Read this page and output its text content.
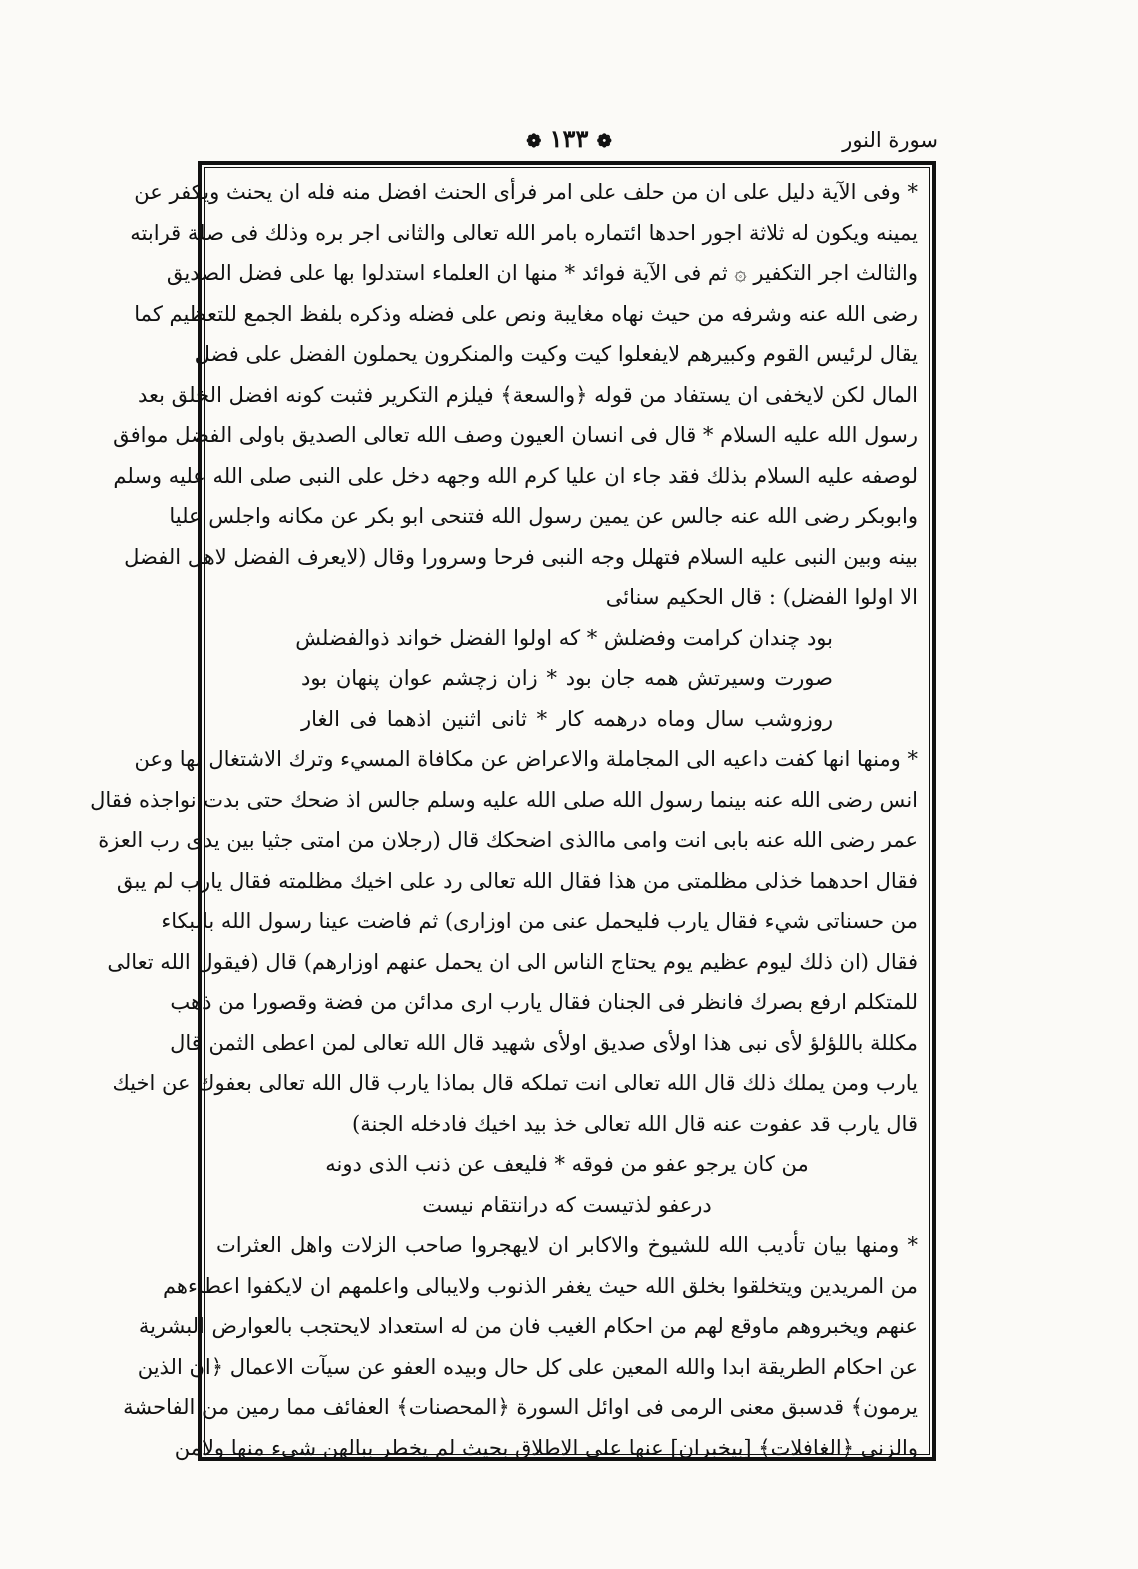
سورة النور
❁ ١٣٣ ❁
* وفى الآية دليل على ان من حلف على امر فرأى الحنث افضل منه فله ان يحنث ويكفر عن
يمينه ويكون له ثلاثة اجور احدها ائتماره بامر الله تعالى والثانى اجر بره وذلك فى صلة قرابته
والثالث اجر التكفير ۞ ثم فى الآية فوائد * منها ان العلماء استدلوا بها على فضل الصديق
رضى الله عنه وشرفه من حيث نهاه مغايبة ونص على فضله وذكره بلفظ الجمع للتعظيم كما
يقال لرئيس القوم وكبيرهم لايفعلوا كيت وكيت والمنكرون يحملون الفضل على فضل
المال لكن لايخفى ان يستفاد من قوله ﴿والسعة﴾ فيلزم التكرير فثبت كونه افضل الخلق بعد
رسول الله عليه السلام * قال فى انسان العيون وصف الله تعالى الصديق باولى الفضل موافق
لوصفه عليه السلام بذلك فقد جاء ان عليا كرم الله وجهه دخل على النبى صلى الله عليه وسلم
وابوبكر رضى الله عنه جالس عن يمين رسول الله فتنحى ابو بكر عن مكانه واجلس عليا
بينه وبين النبى عليه السلام فتهلل وجه النبى فرحا وسرورا وقال (لايعرف الفضل لاهل الفضل
الا اولوا الفضل) : قال الحكيم سنائى
بود چندان كرامت وفضلش * كه اولوا الفضل خواند ذوالفضلش
صورت وسيرتش همه جان بود * زان زچشم عوان پنهان بود
روزوشب سال وماه درهمه كار * ثانى اثنين اذهما فى الغار
* ومنها انها كفت داعيه الى المجاملة والاعراض عن مكافاة المسيء وترك الاشتغال بها وعن
انس رضى الله عنه بينما رسول الله صلى الله عليه وسلم جالس اذ ضحك حتى بدت نواجذه فقال
عمر رضى الله عنه بابى انت وامى ماالذى اضحكك قال (رجلان من امتى جثيا بين يدى رب العزة
فقال احدهما خذلى مظلمتى من هذا فقال الله تعالى رد على اخيك مظلمته فقال يارب لم يبق
من حسناتى شيء فقال يارب فليحمل عنى من اوزارى) ثم فاضت عينا رسول الله بالبكاء
فقال (ان ذلك ليوم عظيم يوم يحتاج الناس الى ان يحمل عنهم اوزارهم) قال (فيقول الله تعالى
للمتكلم ارفع بصرك فانظر فى الجنان فقال يارب ارى مدائن من فضة وقصورا من ذهب
مكللة باللؤلؤ لأى نبى هذا اولأى صديق اولأى شهيد قال الله تعالى لمن اعطى الثمن قال
يارب ومن يملك ذلك قال الله تعالى انت تملكه قال بماذا يارب قال الله تعالى بعفوك عن اخيك
قال يارب قد عفوت عنه قال الله تعالى خذ بيد اخيك فادخله الجنة)
من كان يرجو عفو من فوقه * فليعف عن ذنب الذى دونه
درعفو لذتيست كه درانتقام نيست
* ومنها بيان تأديب الله للشيوخ والاكابر ان لايهجروا صاحب الزلات واهل العثرات
من المريدين ويتخلقوا بخلق الله حيث يغفر الذنوب ولايبالى واعلمهم ان لايكفوا اعطاءهم
عنهم ويخبروهم ماوقع لهم من احكام الغيب فان من له استعداد لايحتجب بالعوارض البشرية
عن احكام الطريقة ابدا والله المعين على كل حال وبيده العفو عن سيآت الاعمال ﴿ان الذين
يرمون﴾ قدسبق معنى الرمى فى اوائل السورة ﴿المحصنات﴾ العفائف مما رمين من الفاحشة
والزنى ﴿الغافلات﴾ [بيخبران] عنها على الاطلاق بحيث لم يخطر ببالهن شيء منها ولامن
